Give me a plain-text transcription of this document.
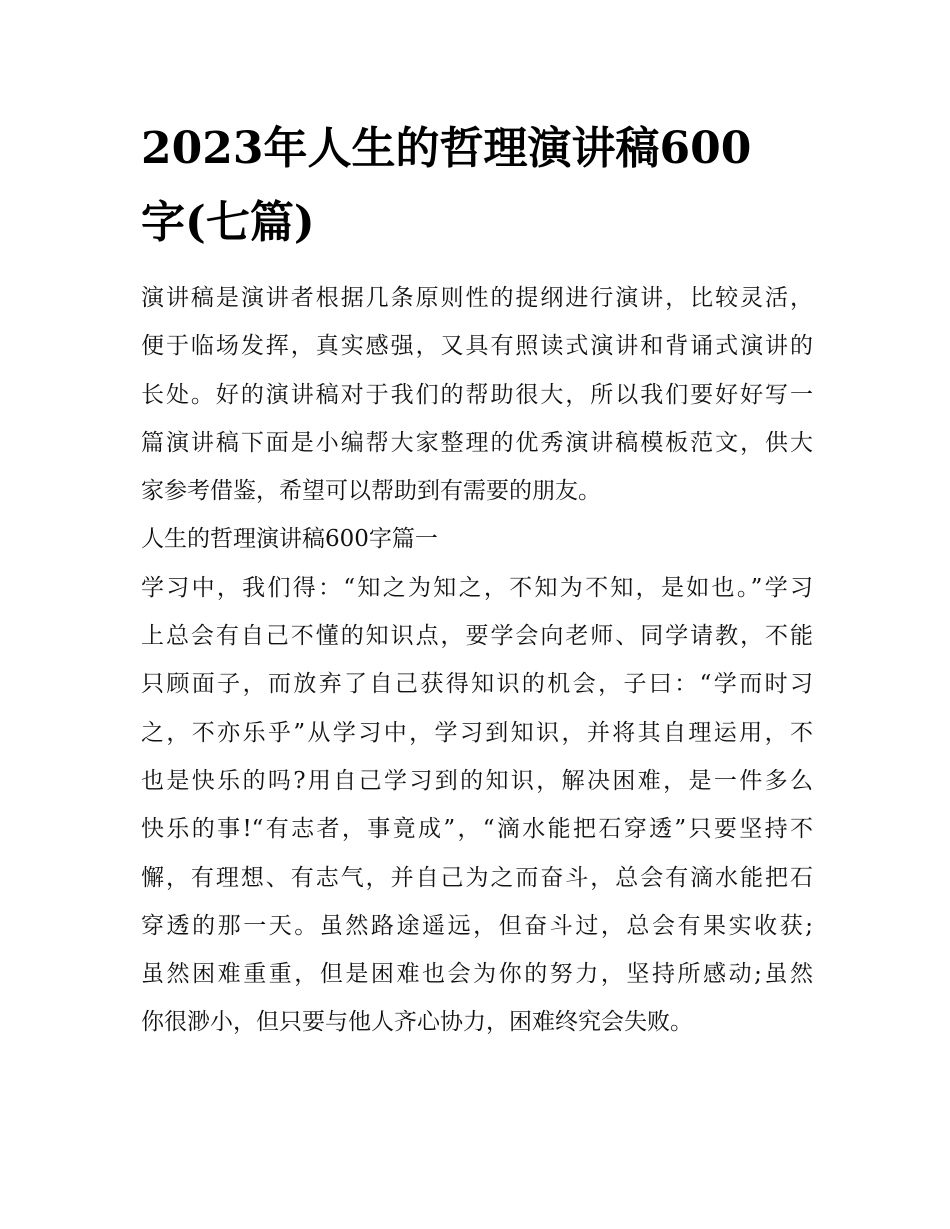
2023年人生的哲理演讲稿600
字(七篇)
演讲稿是演讲者根据几条原则性的提纲进行演讲，比较灵活，
便于临场发挥，真实感强，又具有照读式演讲和背诵式演讲的
长处。好的演讲稿对于我们的帮助很大，所以我们要好好写一
篇演讲稿下面是小编帮大家整理的优秀演讲稿模板范文，供大
家参考借鉴，希望可以帮助到有需要的朋友。
人生的哲理演讲稿600字篇一
学习中，我们得：“知之为知之，不知为不知，是如也。”学习
上总会有自己不懂的知识点，要学会向老师、同学请教，不能
只顾面子，而放弃了自己获得知识的机会，子曰：“学而时习
之，不亦乐乎”从学习中，学习到知识，并将其自理运用，不
也是快乐的吗?用自己学习到的知识，解决困难，是一件多么
快乐的事!“有志者，事竟成”，“滴水能把石穿透”只要坚持不
懈，有理想、有志气，并自己为之而奋斗，总会有滴水能把石
穿透的那一天。虽然路途遥远，但奋斗过，总会有果实收获;
虽然困难重重，但是困难也会为你的努力，坚持所感动;虽然
你很渺小，但只要与他人齐心协力，困难终究会失败。
